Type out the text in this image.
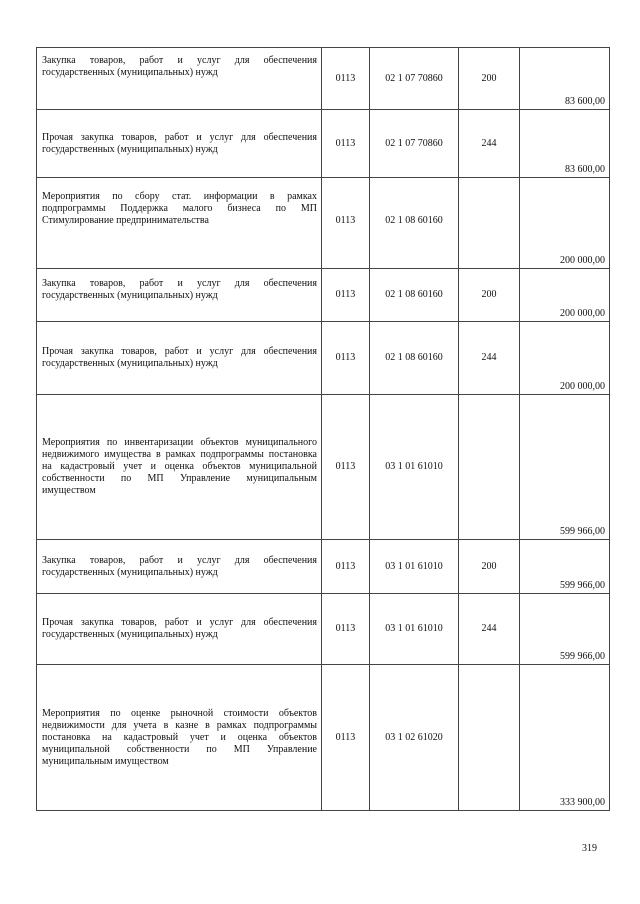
Закупка товаров, работ и услуг для обеспечения государственных (муниципальных) нужд	0113	02 1 07 70860	200	83 600,00

Прочая закупка товаров, работ и услуг для обеспечения государственных (муниципальных) нужд	0113	02 1 07 70860	244	83 600,00

Мероприятия по сбору стат. информации в рамках подпрограммы Поддержка малого бизнеса по МП Стимулирование предпринимательства	0113	02 1 08 60160		200 000,00

Закупка товаров, работ и услуг для обеспечения государственных (муниципальных) нужд	0113	02 1 08 60160	200	200 000,00

Прочая закупка товаров, работ и услуг для обеспечения государственных (муниципальных) нужд	0113	02 1 08 60160	244	200 000,00

Мероприятия по инвентаризации объектов муниципального недвижимого имущества в рамках подпрограммы постановка на кадастровый учет и оценка объектов муниципальной собственности по МП Управление муниципальным имуществом	0113	03 1 01 61010		599 966,00

Закупка товаров, работ и услуг для обеспечения государственных (муниципальных) нужд	0113	03 1 01 61010	200	599 966,00

Прочая закупка товаров, работ и услуг для обеспечения государственных (муниципальных) нужд	0113	03 1 01 61010	244	599 966,00

Мероприятия по оценке рыночной стоимости объектов недвижимости для учета в казне в рамках подпрограммы постановка на кадастровый учет и оценка объектов муниципальной собственности по МП Управление муниципальным имуществом	0113	03 1 02 61020		333 900,00
319
